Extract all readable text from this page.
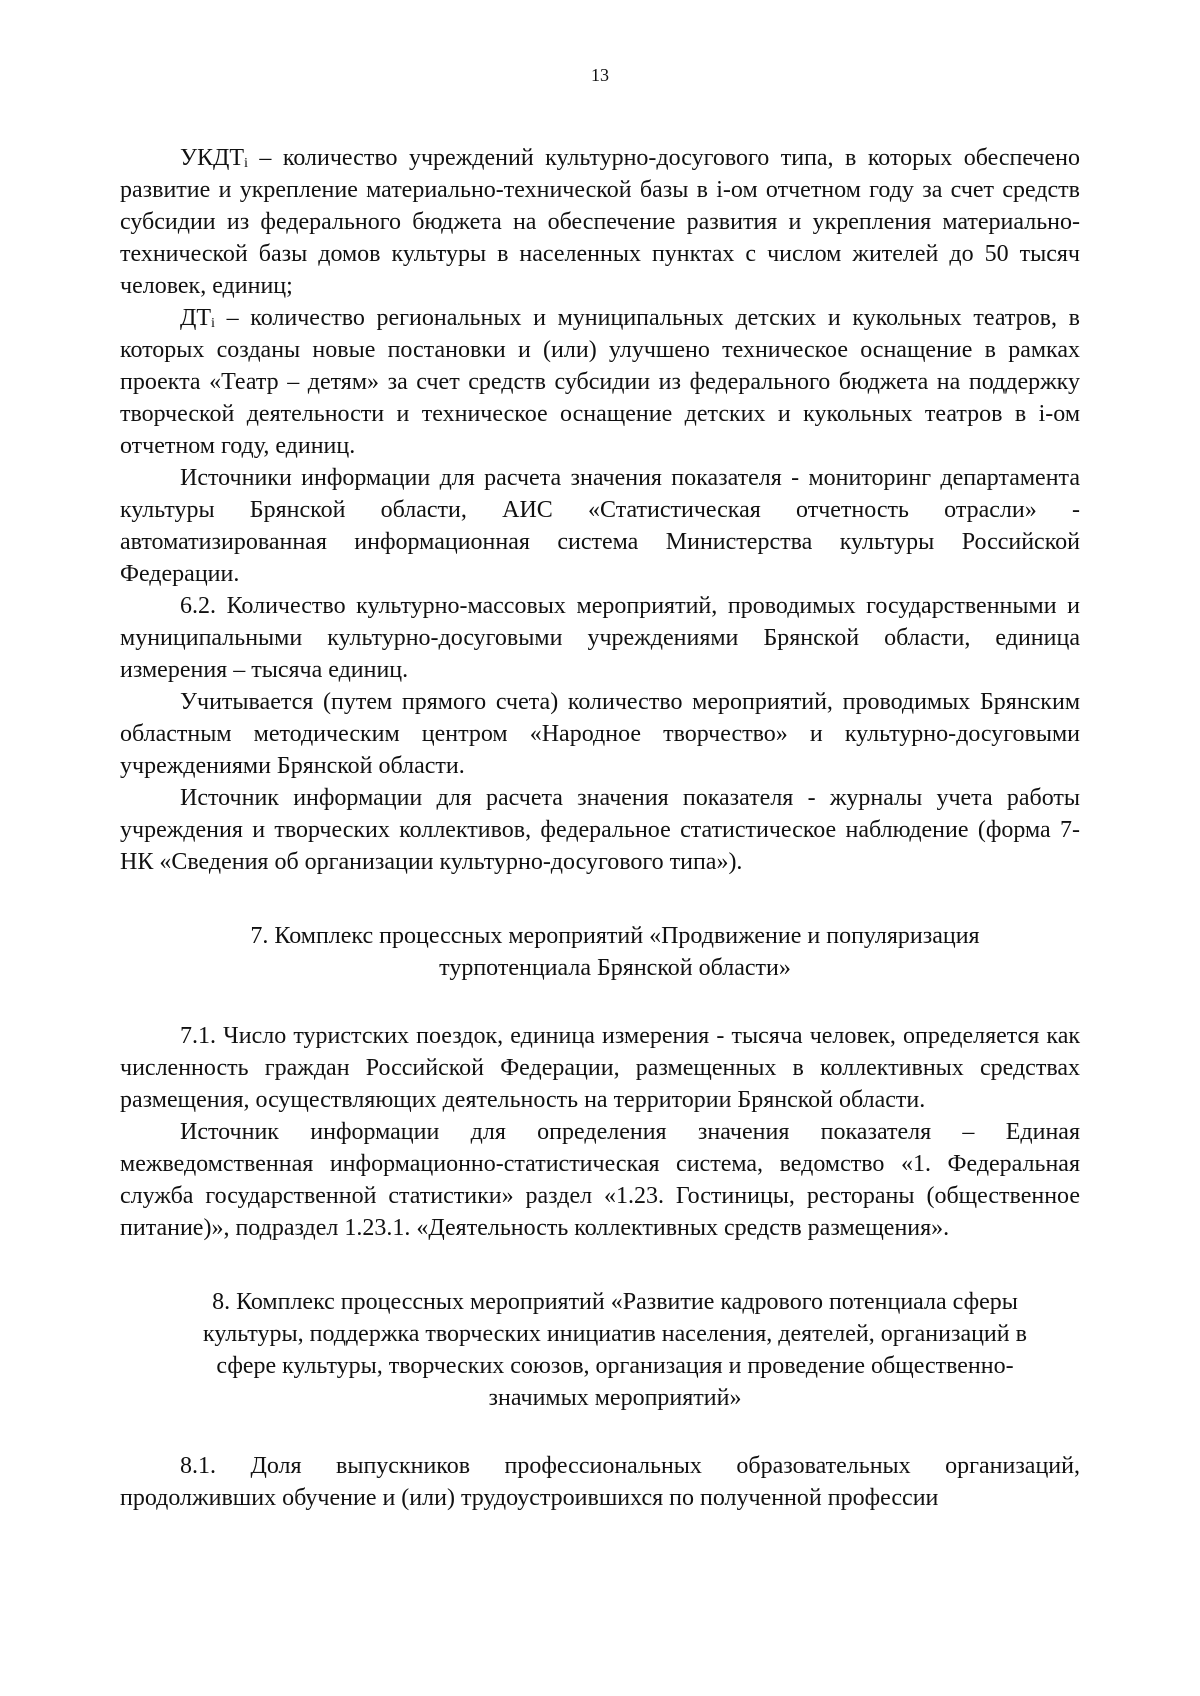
13

УКДТᵢ – количество учреждений культурно-досугового типа, в которых обеспечено развитие и укрепление материально-технической базы в i-ом отчетном году за счет средств субсидии из федерального бюджета на обеспечение развития и укрепления материально-технической базы домов культуры в населенных пунктах с числом жителей до 50 тысяч человек, единиц;

ДТᵢ – количество региональных и муниципальных детских и кукольных театров, в которых созданы новые постановки и (или) улучшено техническое оснащение в рамках проекта «Театр – детям» за счет средств субсидии из федерального бюджета на поддержку творческой деятельности и техническое оснащение детских и кукольных театров в i-ом отчетном году, единиц.

Источники информации для расчета значения показателя - мониторинг департамента культуры Брянской области, АИС «Статистическая отчетность отрасли» - автоматизированная информационная система Министерства культуры Российской Федерации.

6.2. Количество культурно-массовых мероприятий, проводимых государственными и муниципальными культурно-досуговыми учреждениями Брянской области, единица измерения – тысяча единиц.

Учитывается (путем прямого счета) количество мероприятий, проводимых Брянским областным методическим центром «Народное творчество» и культурно-досуговыми учреждениями Брянской области.

Источник информации для расчета значения показателя - журналы учета работы учреждения и творческих коллективов, федеральное статистическое наблюдение (форма 7-НК «Сведения об организации культурно-досугового типа»).

7. Комплекс процессных мероприятий «Продвижение и популяризация турпотенциала Брянской области»

7.1. Число туристских поездок, единица измерения - тысяча человек, определяется как численность граждан Российской Федерации, размещенных в коллективных средствах размещения, осуществляющих деятельность на территории Брянской области.

Источник информации для определения значения показателя – Единая межведомственная информационно-статистическая система, ведомство «1. Федеральная служба государственной статистики» раздел «1.23. Гостиницы, рестораны (общественное питание)», подраздел 1.23.1. «Деятельность коллективных средств размещения».

8. Комплекс процессных мероприятий «Развитие кадрового потенциала сферы культуры, поддержка творческих инициатив населения, деятелей, организаций в сфере культуры, творческих союзов, организация и проведение общественно-значимых мероприятий»

8.1. Доля выпускников профессиональных образовательных организаций, продолживших обучение и (или) трудоустроившихся по полученной профессии
